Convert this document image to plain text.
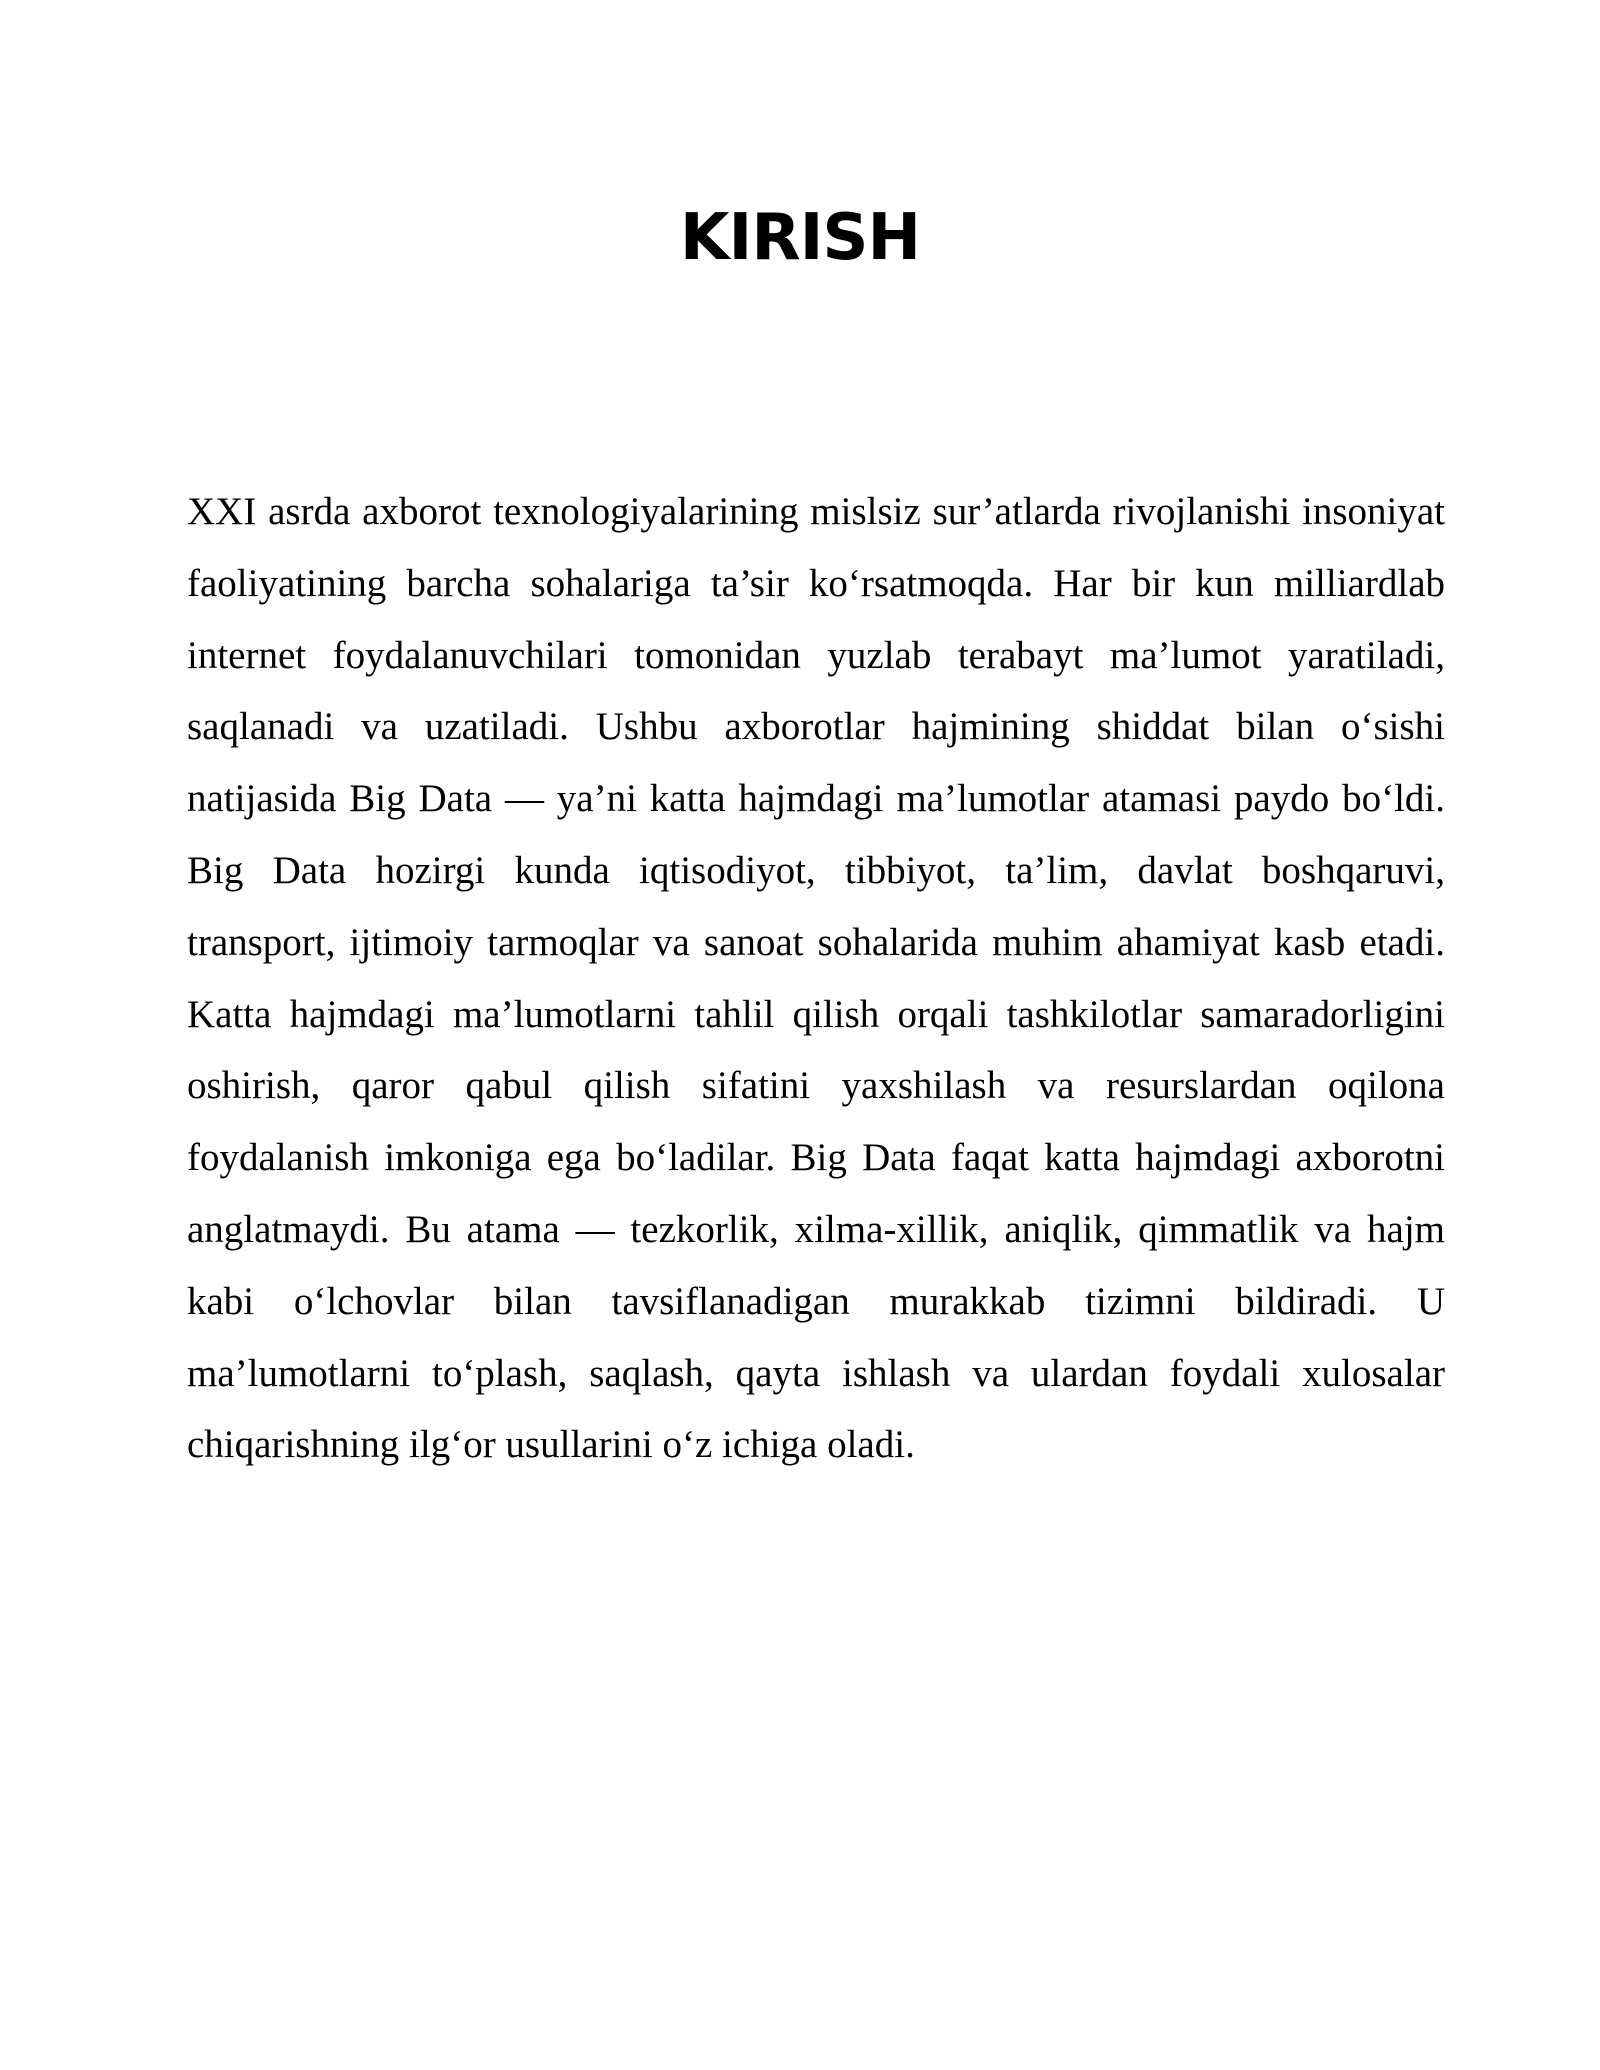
KIRISH

XXI asrda axborot texnologiyalarining mislsiz sur’atlarda rivojlanishi insoniyat faoliyatining barcha sohalariga ta’sir ko‘rsatmoqda. Har bir kun milliardlab internet foydalanuvchilari tomonidan yuzlab terabayt ma’lumot yaratiladi, saqlanadi va uzatiladi. Ushbu axborotlar hajmining shiddat bilan o‘sishi natijasida Big Data — ya’ni katta hajmdagi ma’lumotlar atamasi paydo bo‘ldi. Big Data hozirgi kunda iqtisodiyot, tibbiyot, ta’lim, davlat boshqaruvi, transport, ijtimoiy tarmoqlar va sanoat sohalarida muhim ahamiyat kasb etadi. Katta hajmdagi ma’lumotlarni tahlil qilish orqali tashkilotlar samaradorligini oshirish, qaror qabul qilish sifatini yaxshilash va resurslardan oqilona foydalanish imkoniga ega bo‘ladilar. Big Data faqat katta hajmdagi axborotni anglatmaydi. Bu atama — tezkorlik, xilma-xillik, aniqlik, qimmatlik va hajm kabi o‘lchovlar bilan tavsiflanadigan murakkab tizimni bildiradi. U ma’lumotlarni to‘plash, saqlash, qayta ishlash va ulardan foydali xulosalar chiqarishning ilg‘or usullarini o‘z ichiga oladi.
